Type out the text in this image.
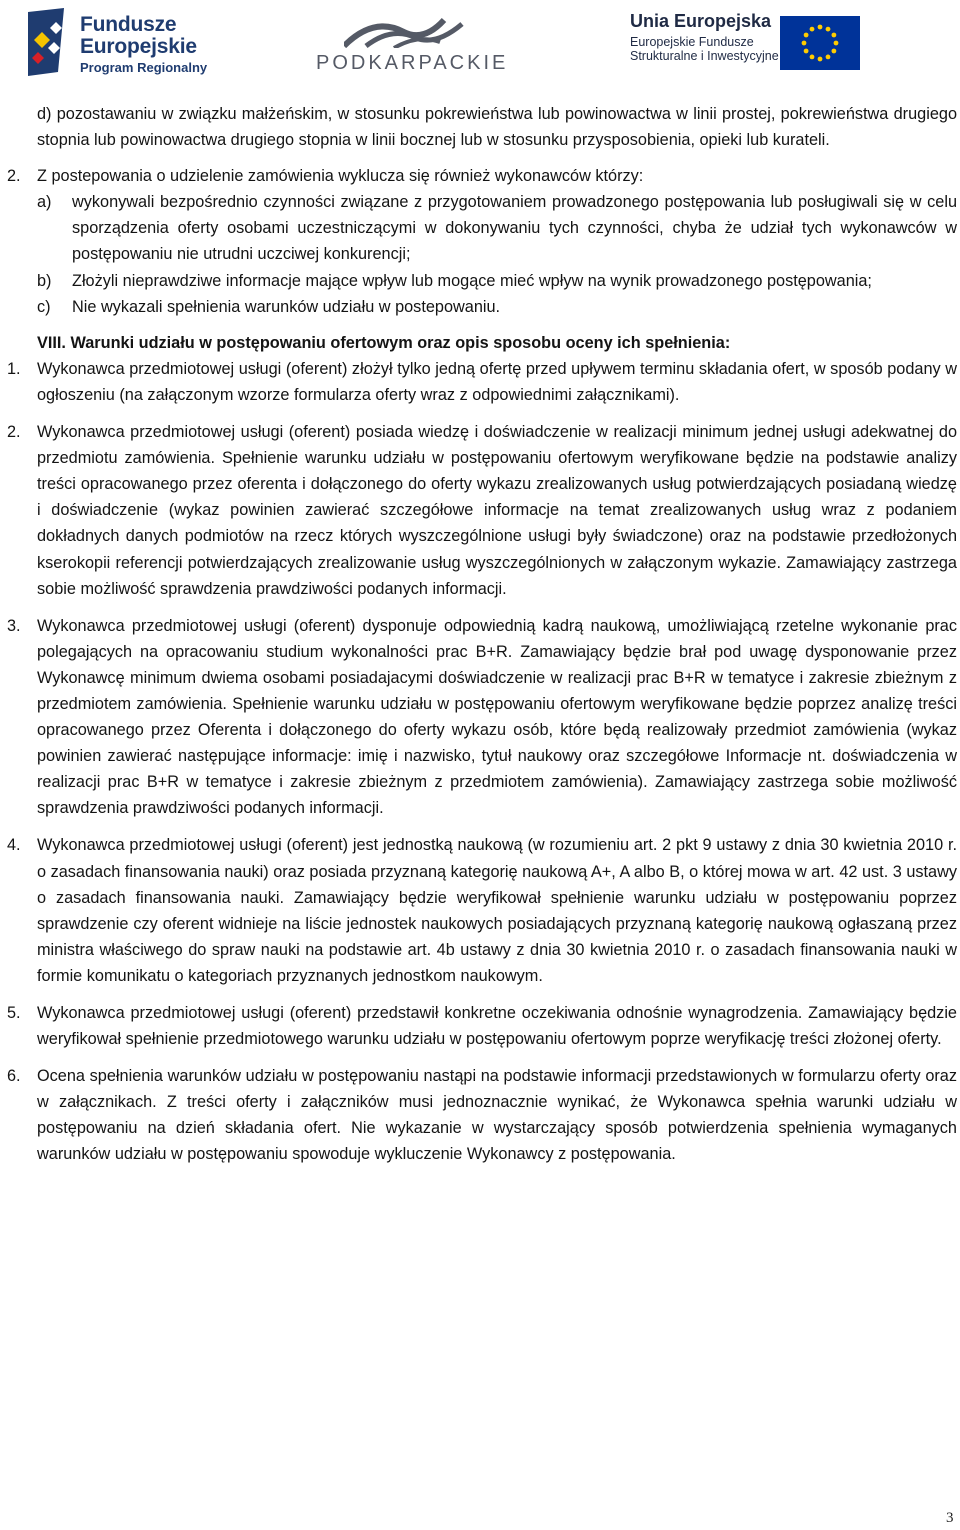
Fundusze
Europejskie
Program Regionalny	PODKARPACKIE
Unia Europejska
Europejskie Fundusze
Strukturalne i Inwestycyjne

d) pozostawaniu w związku małżeńskim, w stosunku pokrewieństwa lub powinowactwa w linii prostej, pokrewieństwa drugiego stopnia lub powinowactwa drugiego stopnia w linii bocznej lub w stosunku przysposobienia, opieki lub kurateli.

2. Z postepowania o udzielenie zamówienia wyklucza się również wykonawców którzy:
a) wykonywali bezpośrednio czynności związane z przygotowaniem prowadzonego postępowania lub posługiwali się w celu sporządzenia oferty osobami uczestniczącymi w dokonywaniu tych czynności, chyba że udział tych wykonawców w postępowaniu nie utrudni uczciwej konkurencji;
b) Złożyli nieprawdziwe informacje mające wpływ lub mogące mieć wpływ na wynik prowadzonego postępowania;
c) Nie wykazali spełnienia warunków udziału w postepowaniu.
VIII. Warunki udziału w postępowaniu ofertowym oraz opis sposobu oceny ich spełnienia:
1. Wykonawca przedmiotowej usługi (oferent) złożył tylko jedną ofertę przed upływem terminu składania ofert, w sposób podany w ogłoszeniu (na załączonym wzorze formularza oferty wraz z odpowiednimi załącznikami).
2. Wykonawca przedmiotowej usługi (oferent) posiada wiedzę i doświadczenie w realizacji minimum jednej usługi adekwatnej do przedmiotu zamówienia. Spełnienie warunku udziału w postępowaniu ofertowym weryfikowane będzie na podstawie analizy treści opracowanego przez oferenta i dołączonego do oferty wykazu zrealizowanych usług potwierdzających posiadaną wiedzę i doświadczenie (wykaz powinien zawierać szczegółowe informacje na temat zrealizowanych usług wraz z podaniem dokładnych danych podmiotów na rzecz których wyszczególnione usługi były świadczone) oraz na podstawie przedłożonych kserokopii referencji potwierdzających zrealizowanie usług wyszczególnionych w załączonym wykazie. Zamawiający zastrzega sobie możliwość sprawdzenia prawdziwości podanych informacji.
3. Wykonawca przedmiotowej usługi (oferent) dysponuje odpowiednią kadrą naukową, umożliwiającą rzetelne wykonanie prac polegających na opracowaniu studium wykonalności prac B+R. Zamawiający będzie brał pod uwagę dysponowanie przez Wykonawcę minimum dwiema osobami posiadajacymi doświadczenie w realizacji prac B+R w tematyce i zakresie zbieżnym z przedmiotem zamówienia. Spełnienie warunku udziału w postępowaniu ofertowym weryfikowane będzie poprzez analizę treści opracowanego przez Oferenta i dołączonego do oferty wykazu osób, które będą realizowały przedmiot zamówienia (wykaz powinien zawierać następujące informacje: imię i nazwisko, tytuł naukowy oraz szczegółowe Informacje nt. doświadczenia w realizacji prac B+R w tematyce i zakresie zbieżnym z przedmiotem zamówienia). Zamawiający zastrzega sobie możliwość sprawdzenia prawdziwości podanych informacji.
4. Wykonawca przedmiotowej usługi (oferent) jest jednostką naukową (w rozumieniu art. 2 pkt 9 ustawy z dnia 30 kwietnia 2010 r. o zasadach finansowania nauki) oraz posiada przyznaną kategorię naukową A+, A albo B, o której mowa w art. 42 ust. 3 ustawy o zasadach finansowania nauki. Zamawiający będzie weryfikował spełnienie warunku udziału w postępowaniu poprzez sprawdzenie czy oferent widnieje na liście jednostek naukowych posiadających przyznaną kategorię naukową ogłaszaną przez ministra właściwego do spraw nauki na podstawie art. 4b ustawy z dnia 30 kwietnia 2010 r. o zasadach finansowania nauki w formie komunikatu o kategoriach przyznanych jednostkom naukowym.
5. Wykonawca przedmiotowej usługi (oferent) przedstawił konkretne oczekiwania odnośnie wynagrodzenia. Zamawiający będzie weryfikował spełnienie przedmiotowego warunku udziału w postępowaniu ofertowym poprze weryfikację treści złożonej oferty.
6. Ocena spełnienia warunków udziału w postępowaniu nastąpi na podstawie informacji przedstawionych w formularzu oferty oraz w załącznikach. Z treści oferty i załączników musi jednoznacznie wynikać, że Wykonawca spełnia warunki udziału w postępowaniu na dzień składania ofert. Nie wykazanie w wystarczający sposób potwierdzenia spełnienia wymaganych warunków udziału w postępowaniu spowoduje wykluczenie Wykonawcy z postępowania.
3
